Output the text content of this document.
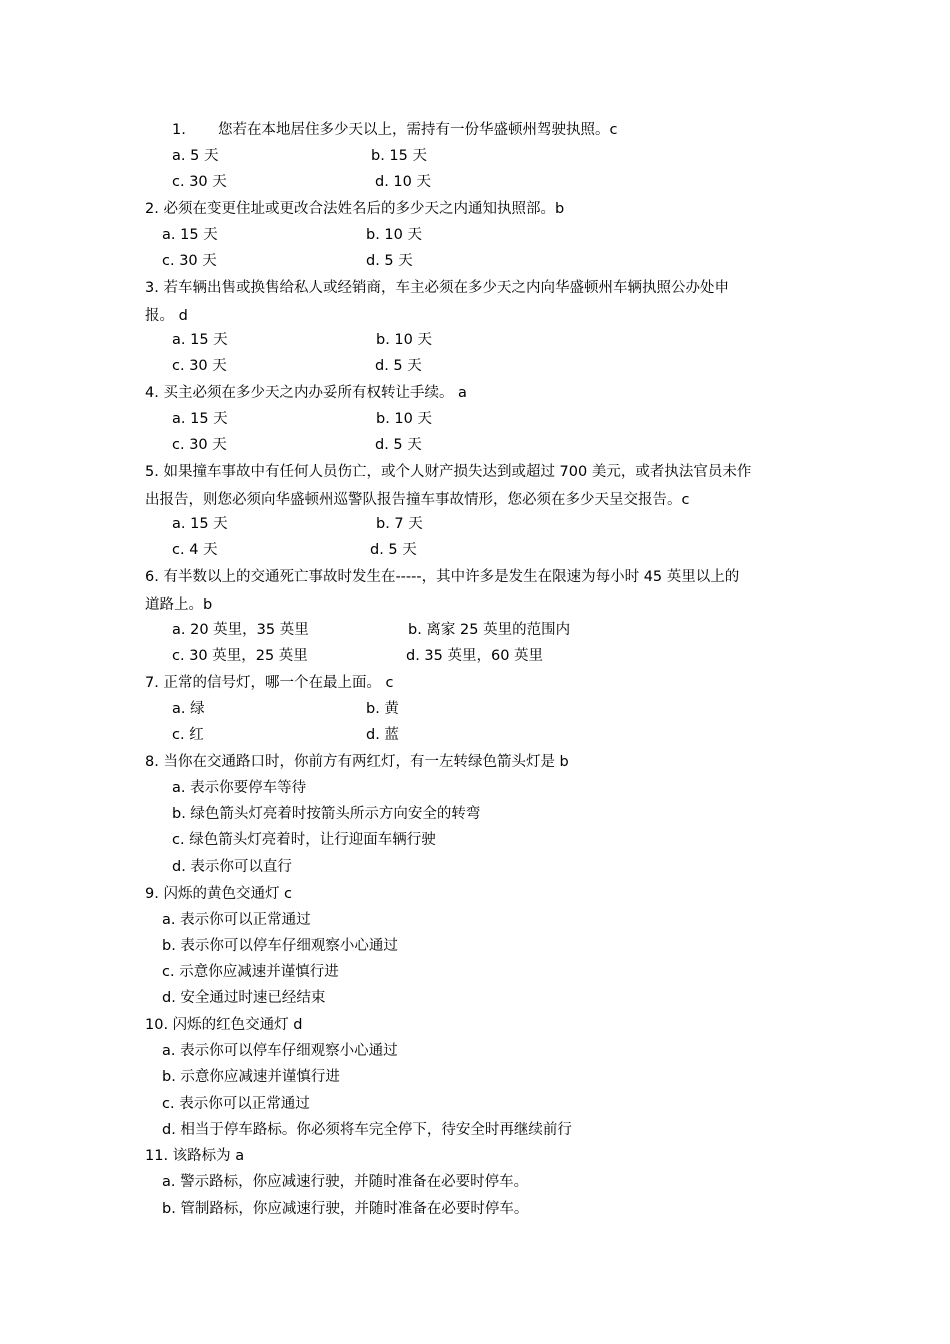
1. 您若在本地居住多少天以上，需持有一份华盛顿州驾驶执照。c
a. 5 天	b. 15 天
c. 30 天	d. 10 天
2. 必须在变更住址或更改合法姓名后的多少天之内通知执照部。b
a. 15 天	b. 10 天
c. 30 天	d. 5 天
3. 若车辆出售或换售给私人或经销商，车主必须在多少天之内向华盛顿州车辆执照公办处申
报。 d
a. 15 天	b. 10 天
c. 30 天	d. 5 天
4. 买主必须在多少天之内办妥所有权转让手续。 a
a. 15 天	b. 10 天
c. 30 天	d. 5 天
5. 如果撞车事故中有任何人员伤亡，或个人财产损失达到或超过 700 美元，或者执法官员未作
出报告，则您必须向华盛顿州巡警队报告撞车事故情形，您必须在多少天呈交报告。c
a. 15 天	b. 7 天
c. 4 天	d. 5 天
6. 有半数以上的交通死亡事故时发生在-----，其中许多是发生在限速为每小时 45 英里以上的
道路上。b
a. 20 英里，35 英里	b. 离家 25 英里的范围内
c. 30 英里，25 英里	d. 35 英里，60 英里
7. 正常的信号灯，哪一个在最上面。 c
a. 绿	b. 黄
c. 红	d. 蓝
8. 当你在交通路口时，你前方有两红灯，有一左转绿色箭头灯是 b
a. 表示你要停车等待
b. 绿色箭头灯亮着时按箭头所示方向安全的转弯
c. 绿色箭头灯亮着时，让行迎面车辆行驶
d. 表示你可以直行
9. 闪烁的黄色交通灯 c
a. 表示你可以正常通过
b. 表示你可以停车仔细观察小心通过
c. 示意你应减速并谨慎行进
d. 安全通过时速已经结束
10. 闪烁的红色交通灯 d
a. 表示你可以停车仔细观察小心通过
b. 示意你应减速并谨慎行进
c. 表示你可以正常通过
d. 相当于停车路标。你必须将车完全停下，待安全时再继续前行
11. 该路标为 a
a. 警示路标，你应减速行驶，并随时准备在必要时停车。
b. 管制路标，你应减速行驶，并随时准备在必要时停车。
